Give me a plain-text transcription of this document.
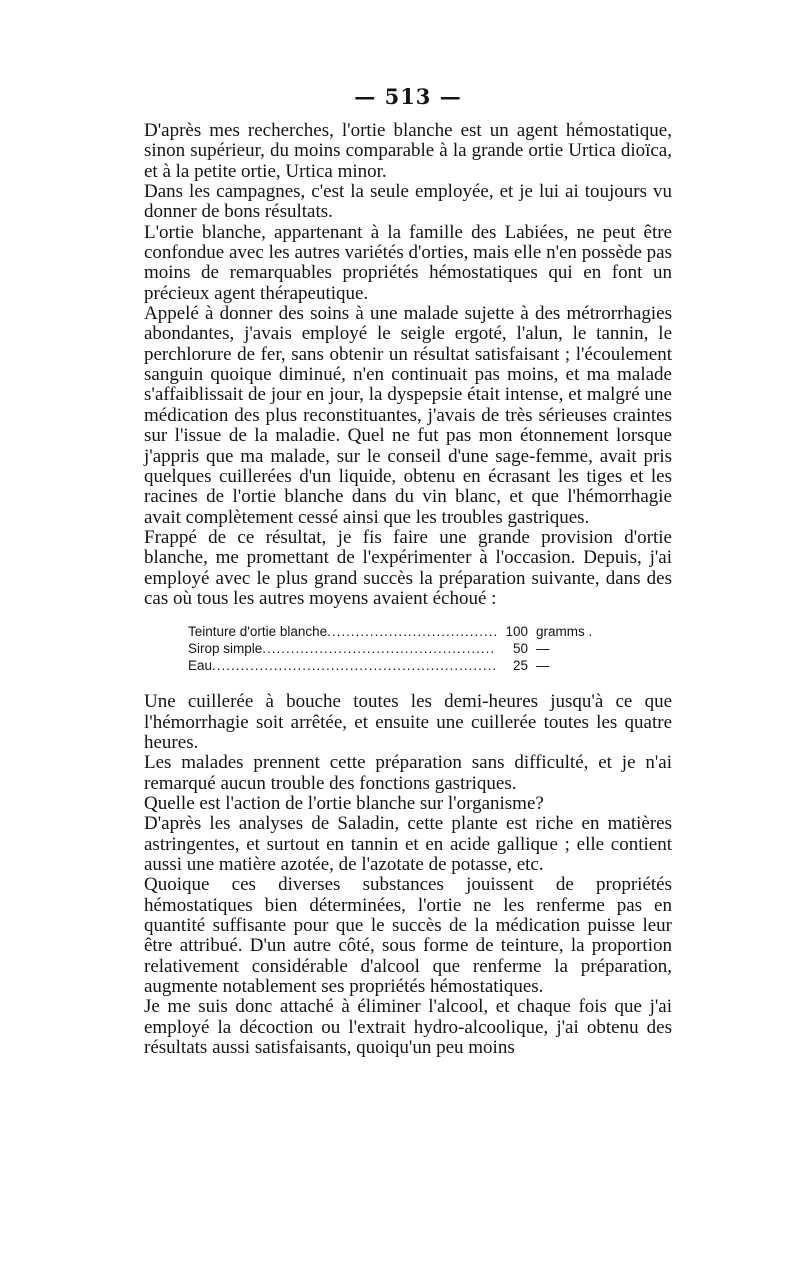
— 513 —

D'après mes recherches, l'ortie blanche est un agent hémostatique, sinon supérieur, du moins comparable à la grande ortie Urtica dioïca, et à la petite ortie, Urtica minor.

Dans les campagnes, c'est la seule employée, et je lui ai toujours vu donner de bons résultats.

L'ortie blanche, appartenant à la famille des Labiées, ne peut être confondue avec les autres variétés d'orties, mais elle n'en possède pas moins de remarquables propriétés hémostatiques qui en font un précieux agent thérapeutique.

Appelé à donner des soins à une malade sujette à des métrorrhagies abondantes, j'avais employé le seigle ergoté, l'alun, le tannin, le perchlorure de fer, sans obtenir un résultat satisfaisant ; l'écoulement sanguin quoique diminué, n'en continuait pas moins, et ma malade s'affaiblissait de jour en jour, la dyspepsie était intense, et malgré une médication des plus reconstituantes, j'avais de très sérieuses craintes sur l'issue de la maladie. Quel ne fut pas mon étonnement lorsque j'appris que ma malade, sur le conseil d'une sage-femme, avait pris quelques cuillerées d'un liquide, obtenu en écrasant les tiges et les racines de l'ortie blanche dans du vin blanc, et que l'hémorrhagie avait complètement cessé ainsi que les troubles gastriques.

Frappé de ce résultat, je fis faire une grande provision d'ortie blanche, me promettant de l'expérimenter à l'occasion. Depuis, j'ai employé avec le plus grand succès la préparation suivante, dans des cas où tous les autres moyens avaient échoué :

Teinture d'ortie blanche .....	100 gramms .
Sirop simple .....	50 —
Eau .....	25 —

Une cuillerée à bouche toutes les demi-heures jusqu'à ce que l'hémorrhagie soit arrêtée, et ensuite une cuillerée toutes les quatre heures.

Les malades prennent cette préparation sans difficulté, et je n'ai remarqué aucun trouble des fonctions gastriques.

Quelle est l'action de l'ortie blanche sur l'organisme?

D'après les analyses de Saladin, cette plante est riche en matières astringentes, et surtout en tannin et en acide gallique ; elle contient aussi une matière azotée, de l'azotate de potasse, etc.

Quoique ces diverses substances jouissent de propriétés hémostatiques bien déterminées, l'ortie ne les renferme pas en quantité suffisante pour que le succès de la médication puisse leur être attribué. D'un autre côté, sous forme de teinture, la proportion relativement considérable d'alcool que renferme la préparation, augmente notablement ses propriétés hémostatiques.

Je me suis donc attaché à éliminer l'alcool, et chaque fois que j'ai employé la décoction ou l'extrait hydro-alcoolique, j'ai obtenu des résultats aussi satisfaisants, quoiqu'un peu moins
